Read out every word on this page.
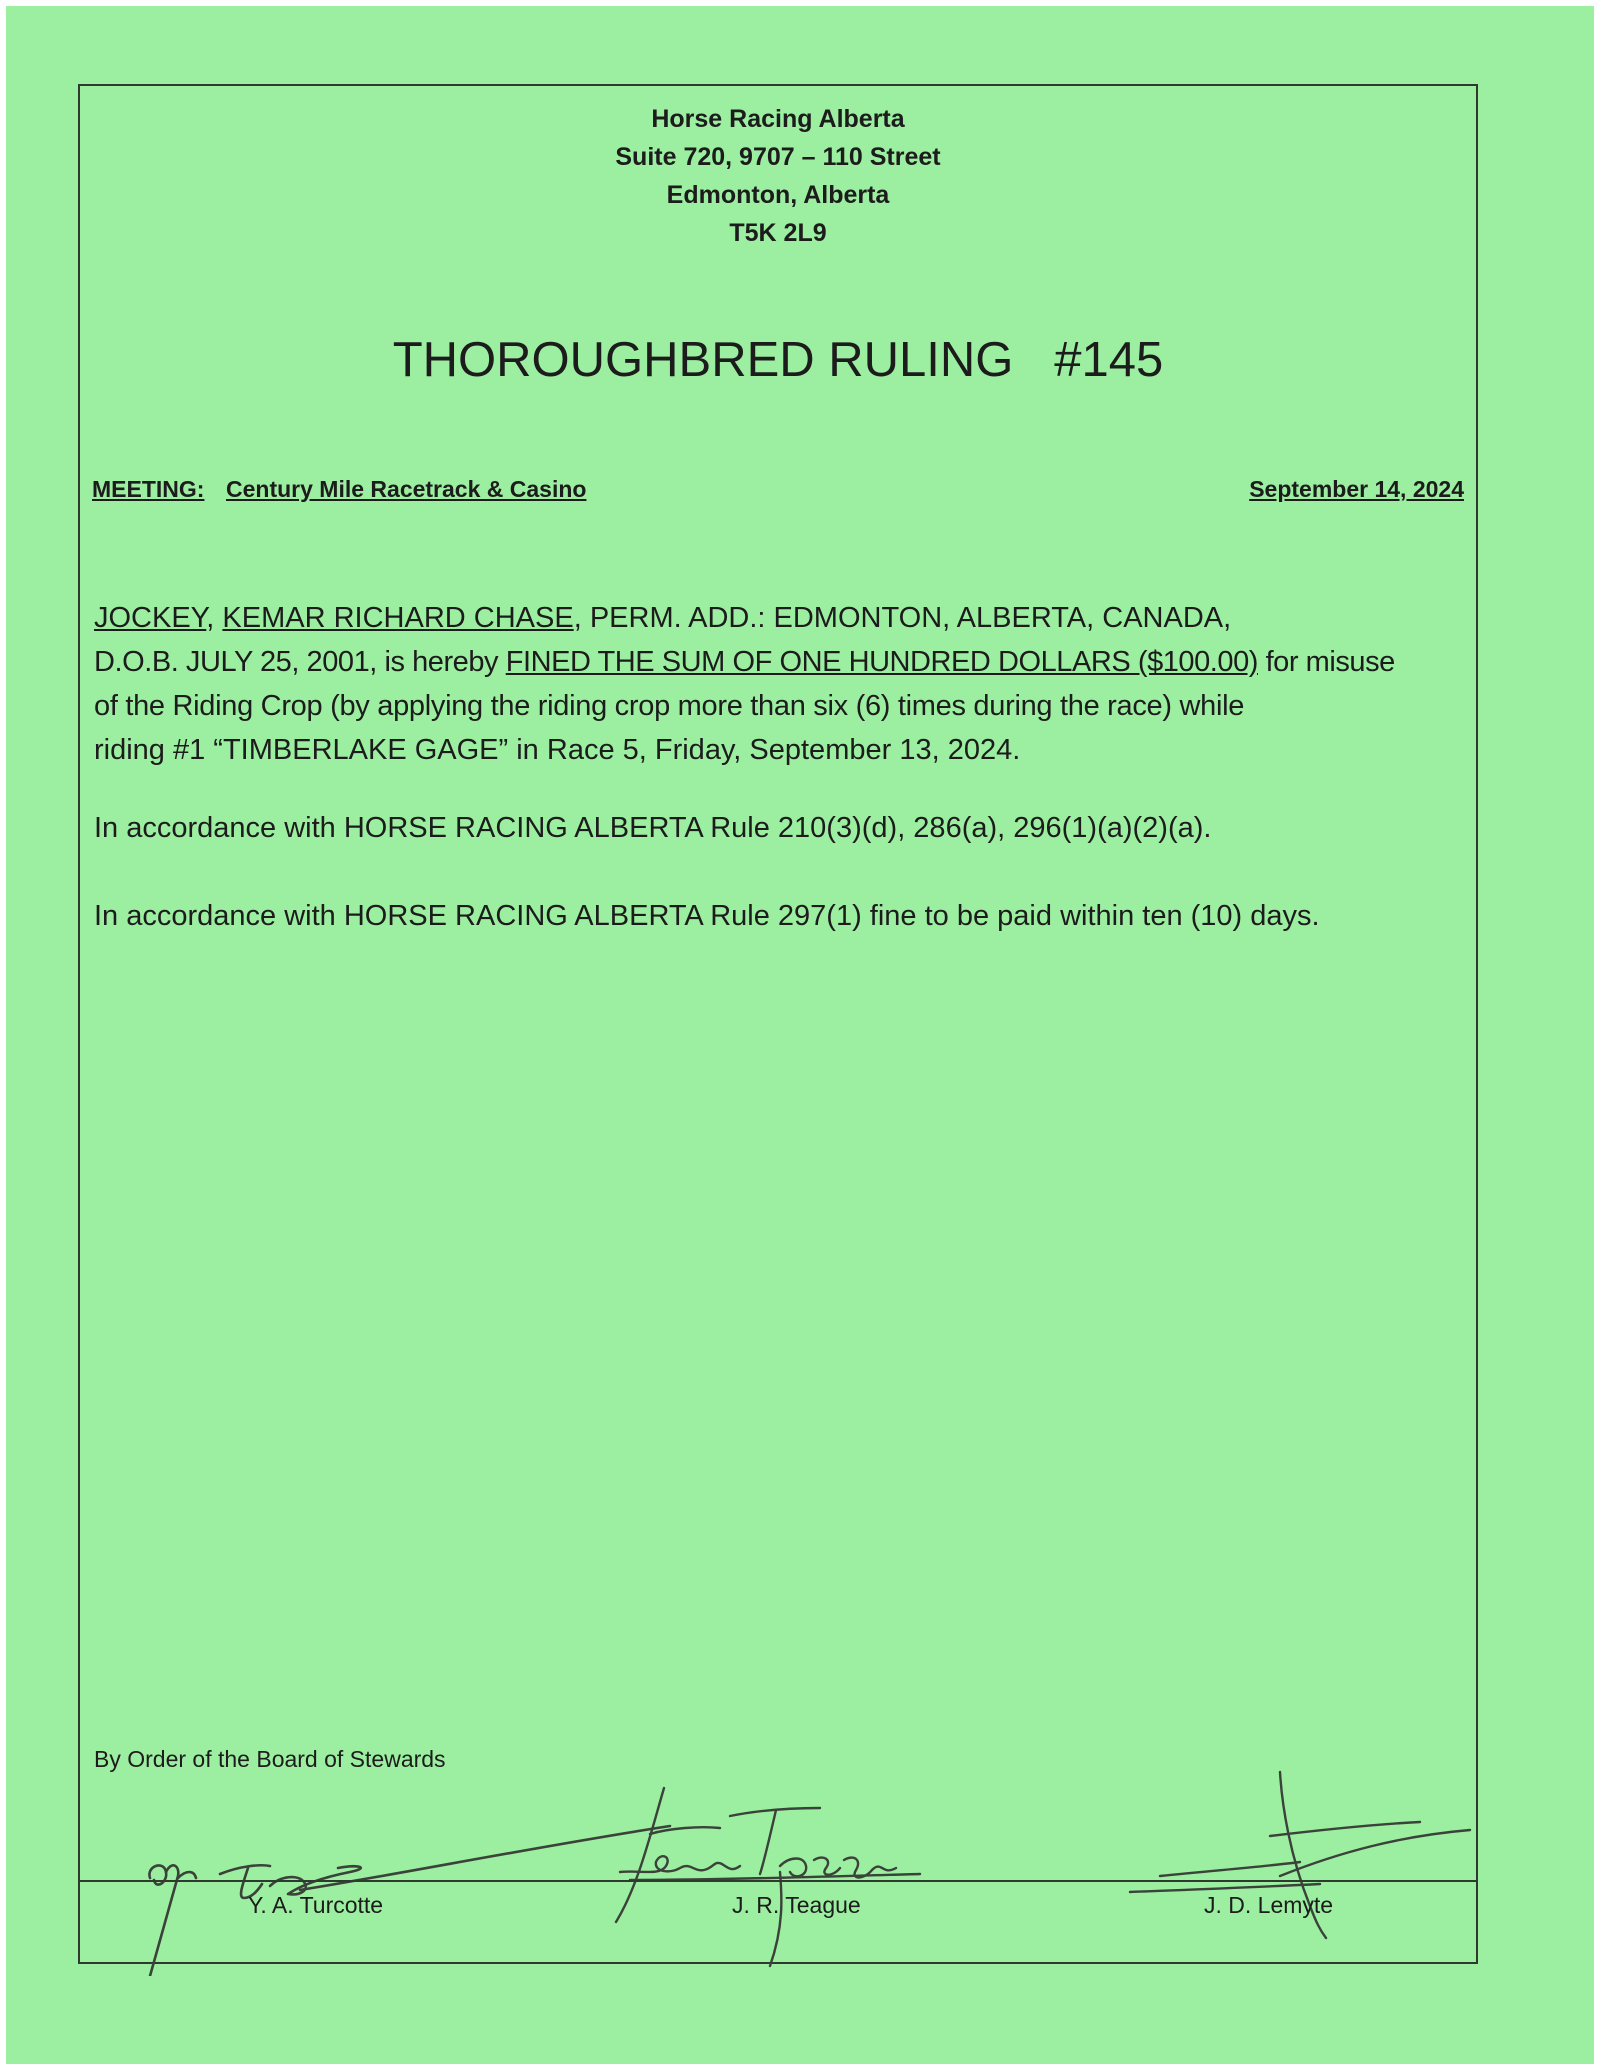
Horse Racing Alberta
Suite 720, 9707 – 110 Street
Edmonton, Alberta
T5K 2L9
THOROUGHBRED RULING   #145
MEETING: Century Mile Racetrack & Casino	September 14, 2024
JOCKEY, KEMAR RICHARD CHASE, PERM. ADD.: EDMONTON, ALBERTA, CANADA,
D.O.B. JULY 25, 2001, is hereby FINED THE SUM OF ONE HUNDRED DOLLARS ($100.00) for misuse
of the Riding Crop (by applying the riding crop more than six (6) times during the race) while
riding #1 “TIMBERLAKE GAGE” in Race 5, Friday, September 13, 2024.
In accordance with HORSE RACING ALBERTA Rule 210(3)(d), 286(a), 296(1)(a)(2)(a).
In accordance with HORSE RACING ALBERTA Rule 297(1) fine to be paid within ten (10) days.
By Order of the Board of Stewards
Y. A. Turcotte	J. R. Teague	J. D. Lemyte
